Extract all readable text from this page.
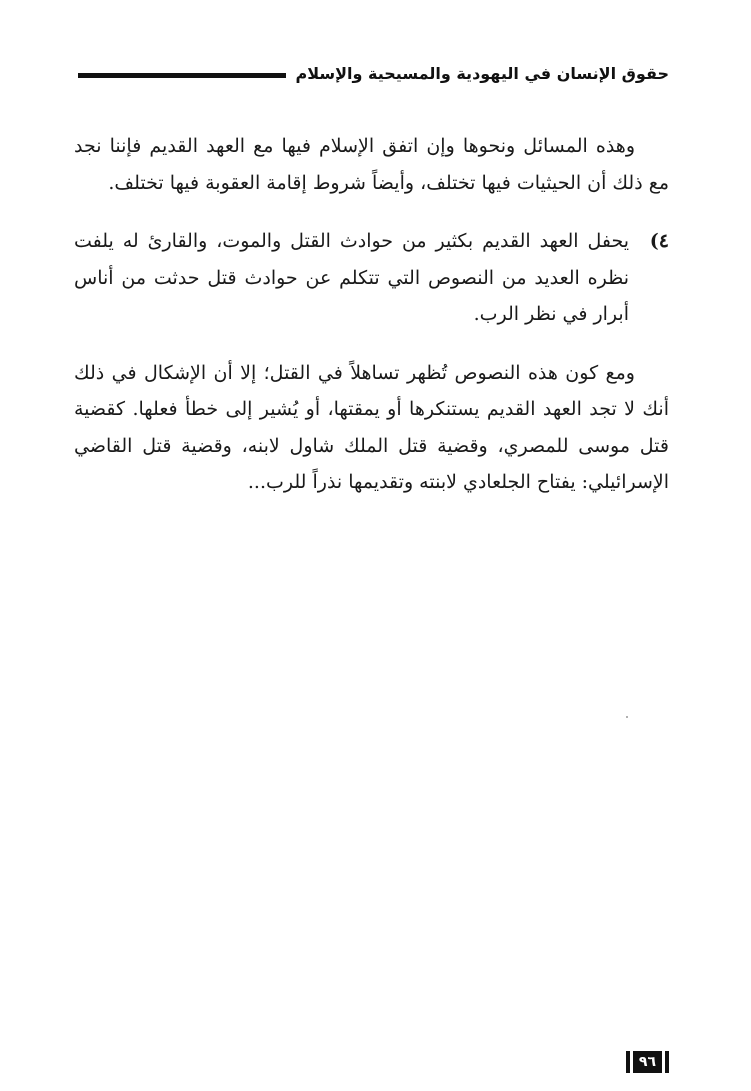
حقوق الإنسان في اليهودية والمسيحية والإسلام

وهذه المسائل ونحوها وإن اتفق الإسلام فيها مع العهد القديم فإننا نجد مع ذلك أن الحيثيات فيها تختلف، وأيضاً شروط إقامة العقوبة فيها تختلف.

٤)
يحفل العهد القديم بكثير من حوادث القتل والموت، والقارئ له يلفت نظره العديد من النصوص التي تتكلم عن حوادث قتل حدثت من أناس أبرار في نظر الرب.

ومع كون هذه النصوص تُظهر تساهلاً في القتل؛ إلا أن الإشكال في ذلك أنك لا تجد العهد القديم يستنكرها أو يمقتها، أو يُشير إلى خطأ فعلها. كقضية قتل موسى للمصري، وقضية قتل الملك شاول لابنه، وقضية قتل القاضي الإسرائيلي: يفتاح الجلعادي لابنته وتقديمها نذراً للرب...

٩٦
